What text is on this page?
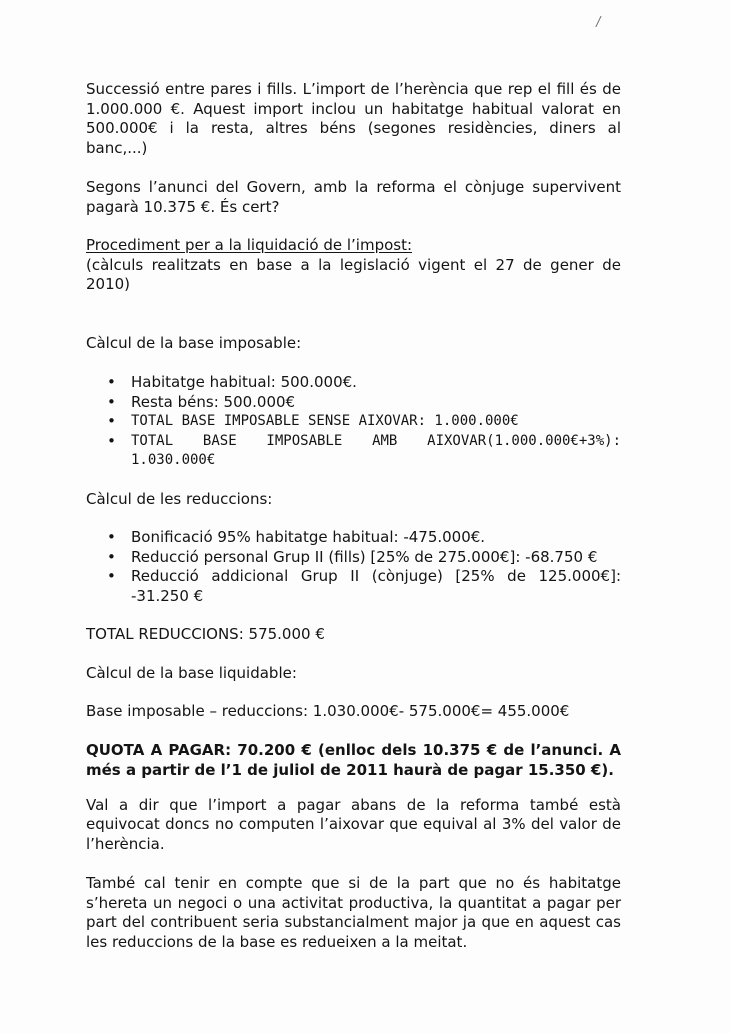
/

Successió entre pares i fills. L’import de l’herència que rep el fill és de 1.000.000 €. Aquest import inclou un habitatge habitual valorat en 500.000€ i la resta, altres béns (segones residències, diners al banc,...)

Segons l’anunci del Govern, amb la reforma el cònjuge supervivent pagarà 10.375 €. És cert?

Procediment per a la liquidació de l’impost:

(càlculs realitzats en base a la legislació vigent el 27 de gener de 2010)

Càlcul de la base imposable:

• Habitatge habitual: 500.000€.
• Resta béns: 500.000€
• TOTAL BASE IMPOSABLE SENSE AIXOVAR: 1.000.000€
• TOTAL BASE IMPOSABLE AMB AIXOVAR(1.000.000€+3%): 1.030.000€

Càlcul de les reduccions:

• Bonificació 95% habitatge habitual: -475.000€.
• Reducció personal Grup II (fills) [25% de 275.000€]: -68.750 €
• Reducció addicional Grup II (cònjuge) [25% de 125.000€]: -31.250 €

TOTAL REDUCCIONS: 575.000 €

Càlcul de la base liquidable:

Base imposable – reduccions: 1.030.000€- 575.000€= 455.000€

QUOTA A PAGAR: 70.200 € (enlloc dels 10.375 € de l’anunci. A més a partir de l’1 de juliol de 2011 haurà de pagar 15.350 €).

Val a dir que l’import a pagar abans de la reforma també està equivocat doncs no computen l’aixovar que equival al 3% del valor de l’herència.

També cal tenir en compte que si de la part que no és habitatge s’hereta un negoci o una activitat productiva, la quantitat a pagar per part del contribuent seria substancialment major ja que en aquest cas les reduccions de la base es redueixen a la meitat.
